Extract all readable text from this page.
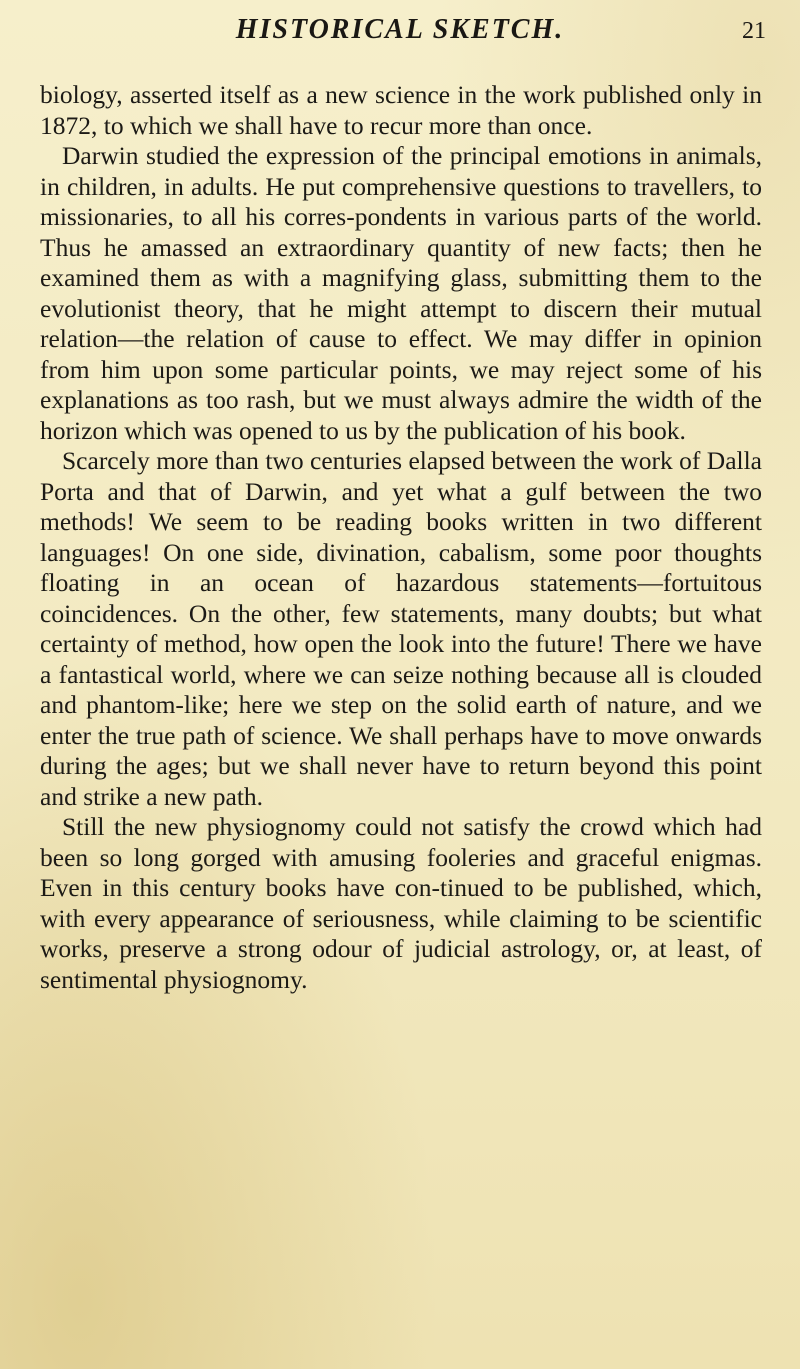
HISTORICAL SKETCH.	21

biology, asserted itself as a new science in the work published only in 1872, to which we shall have to recur more than once.

Darwin studied the expression of the principal emotions in animals, in children, in adults. He put comprehensive questions to travellers, to missionaries, to all his corres-pondents in various parts of the world. Thus he amassed an extraordinary quantity of new facts; then he examined them as with a magnifying glass, submitting them to the evolutionist theory, that he might attempt to discern their mutual relation—the relation of cause to effect. We may differ in opinion from him upon some particular points, we may reject some of his explanations as too rash, but we must always admire the width of the horizon which was opened to us by the publication of his book.

Scarcely more than two centuries elapsed between the work of Dalla Porta and that of Darwin, and yet what a gulf between the two methods! We seem to be reading books written in two different languages! On one side, divination, cabalism, some poor thoughts floating in an ocean of hazardous statements—fortuitous coincidences. On the other, few statements, many doubts; but what certainty of method, how open the look into the future! There we have a fantastical world, where we can seize nothing because all is clouded and phantom-like; here we step on the solid earth of nature, and we enter the true path of science. We shall perhaps have to move onwards during the ages; but we shall never have to return beyond this point and strike a new path.

Still the new physiognomy could not satisfy the crowd which had been so long gorged with amusing fooleries and graceful enigmas. Even in this century books have con-tinued to be published, which, with every appearance of seriousness, while claiming to be scientific works, preserve a strong odour of judicial astrology, or, at least, of sentimental physiognomy.
